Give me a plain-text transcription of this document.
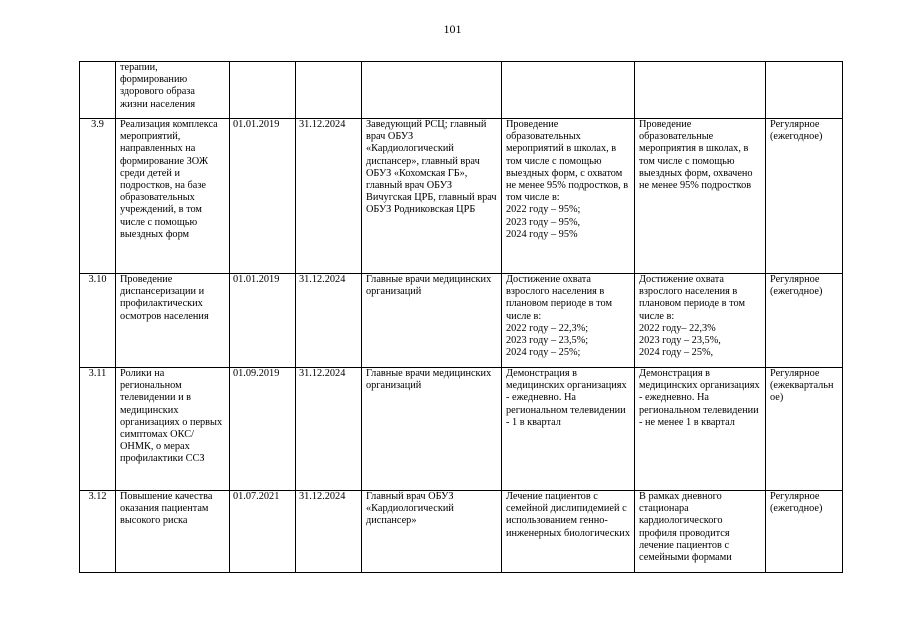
101
	терапии, формированию здорового образа жизни населения						
3.9	Реализация комплекса мероприятий, направленных на формирование ЗОЖ среди детей и подростков, на базе образовательных учреждений, в том числе с помощью выездных форм	01.01.2019	31.12.2024	Заведующий РСЦ; главный врач ОБУЗ «Кардиологический диспансер», главный врач ОБУЗ «Кохомская ГБ», главный врач ОБУЗ Вичугская ЦРБ, главный врач ОБУЗ Родниковская ЦРБ	Проведение образовательных мероприятий в школах, в том числе с помощью выездных форм, с охватом не менее 95% подростков, в том числе в:
2022 году – 95%;
2023 году – 95%,
2024 году – 95%	Проведение образовательные мероприятия в школах, в том числе с помощью выездных форм, охвачено не менее 95% подростков	Регулярное (ежегодное)
3.10	Проведение диспансеризации и профилактических осмотров населения	01.01.2019	31.12.2024	Главные врачи медицинских организаций	Достижение охвата взрослого населения в плановом периоде в том числе в:
2022 году – 22,3%;
2023 году – 23,5%;
2024 году – 25%;	Достижение охвата взрослого населения в плановом периоде в том числе в:
2022 году– 22,3%
2023 году – 23,5%,
2024 году – 25%,	Регулярное (ежегодное)
3.11	Ролики на региональном телевидении и в медицинских организациях о первых симптомах ОКС/ОНМК, о мерах профилактики ССЗ	01.09.2019	31.12.2024	Главные врачи медицинских организаций	Демонстрация в медицинских организациях - ежедневно. На региональном телевидении - 1 в квартал	Демонстрация в медицинских организациях - ежедневно. На региональном телевидении - не менее 1 в квартал	Регулярное (ежеквартальное)
3.12	Повышение качества оказания пациентам высокого риска	01.07.2021	31.12.2024	Главный врач ОБУЗ «Кардиологический диспансер»	Лечение пациентов с семейной дислипидемией с использованием генно-инженерных биологических	В рамках дневного стационара кардиологического профиля проводится лечение пациентов с семейными формами	Регулярное (ежегодное)
